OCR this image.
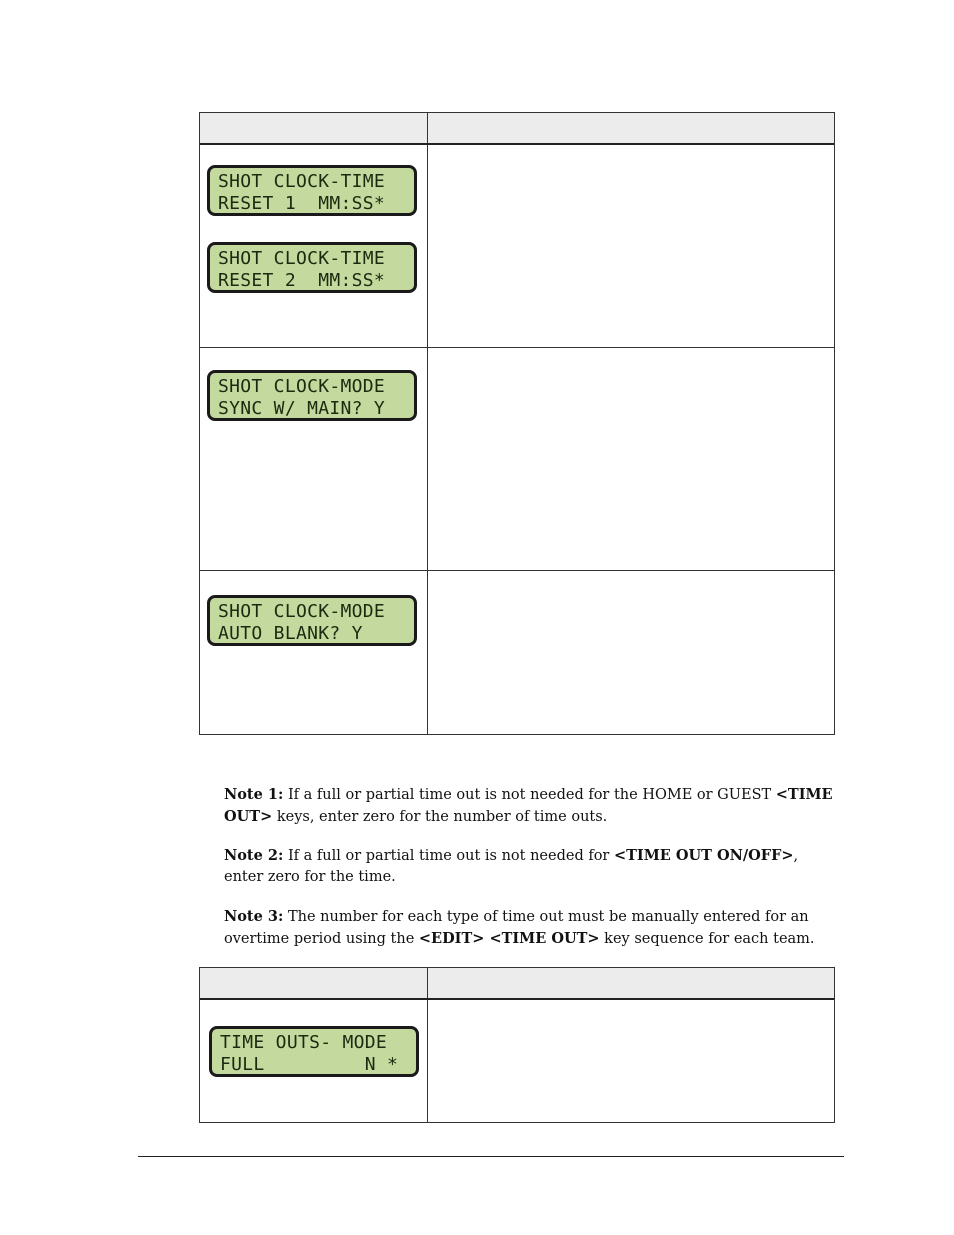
SHOT CLOCK-TIME
RESET 1  MM:SS*
SHOT CLOCK-TIME
RESET 2  MM:SS*
SHOT CLOCK-MODE
SYNC W/ MAIN? Y
SHOT CLOCK-MODE
AUTO BLANK? Y

Note 1: If a full or partial time out is not needed for the HOME or GUEST <TIME OUT> keys, enter zero for the number of time outs.

Note 2: If a full or partial time out is not needed for <TIME OUT ON/OFF>, enter zero for the time.

Note 3: The number for each type of time out must be manually entered for an overtime period using the <EDIT> <TIME OUT> key sequence for each team.

TIME OUTS- MODE
FULL         N *
